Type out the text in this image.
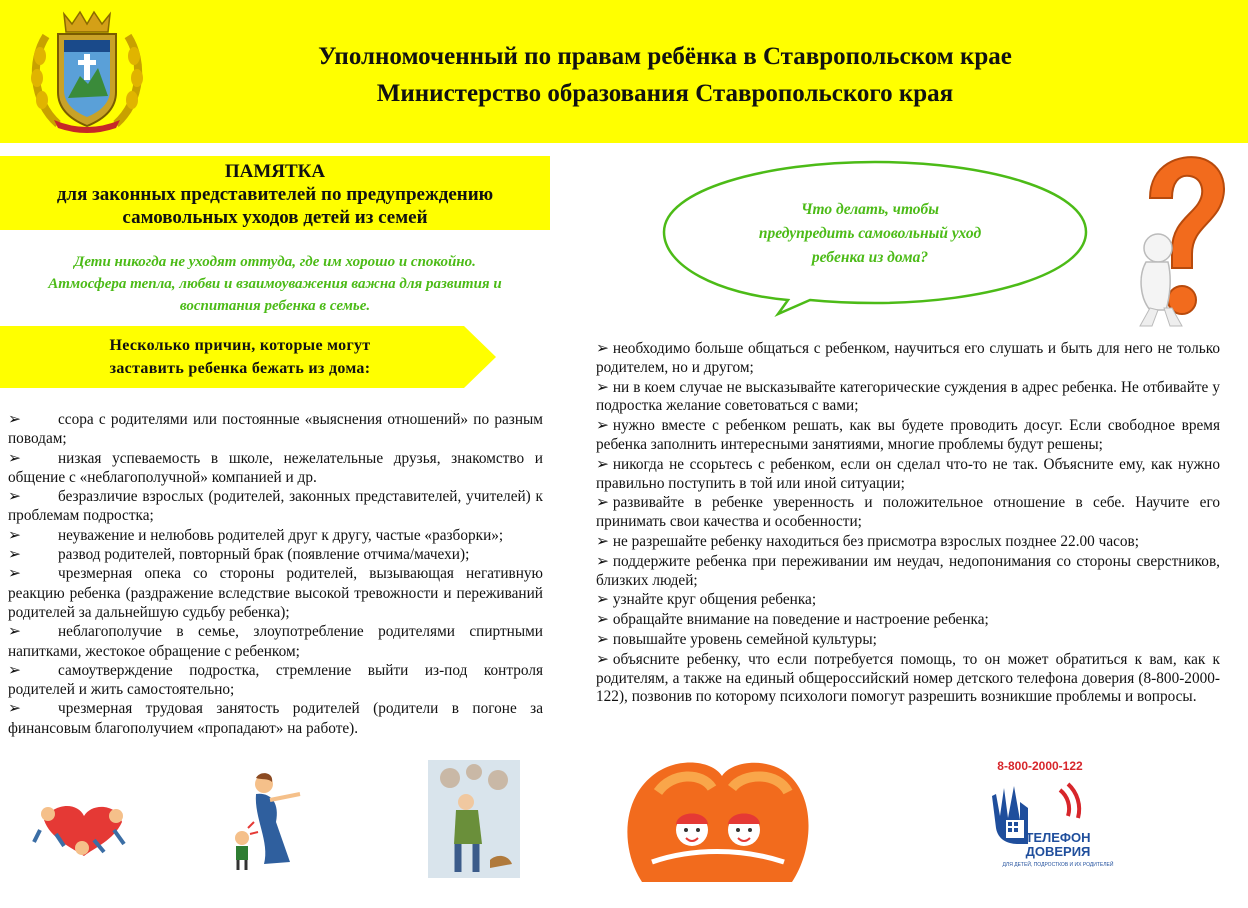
Уполномоченный по правам ребёнка в Ставропольском крае
Министерство образования Ставропольского края
ПАМЯТКА
для законных представителей по предупреждению
самовольных уходов детей из семей
Дети никогда не уходят оттуда, где им хорошо и спокойно.
Атмосфера тепла, любви и взаимоуважения важна для развития и воспитания ребенка в семье.
Несколько причин, которые могут
заставить ребенка бежать из дома:

➢ ссора с родителями или постоянные «выяснения отношений» по разным поводам;

➢ низкая успеваемость в школе, нежелательные друзья, знакомство и общение с «неблагополучной» компанией и др.

➢ безразличие взрослых (родителей, законных представителей, учителей) к проблемам подростка;

➢ неуважение и нелюбовь родителей друг к другу, частые «разборки»;

➢ развод родителей, повторный брак (появление отчима/мачехи);

➢ чрезмерная опека со стороны родителей, вызывающая негативную реакцию ребенка (раздражение вследствие высокой тревожности и переживаний родителей за дальнейшую судьбу ребенка);

➢ неблагополучие в семье, злоупотребление родителями спиртными напитками, жестокое обращение с ребенком;

➢ самоутверждение подростка, стремление выйти из-под контроля родителей и жить самостоятельно;

➢ чрезмерная трудовая занятость родителей (родители в погоне за финансовым благополучием «пропадают» на работе).

Что делать, чтобы
предупредить самовольный уход
ребенка из дома?

➢ необходимо больше общаться с ребенком, научиться его слушать и быть для него не только родителем, но и другом;

➢ ни в коем случае не высказывайте категорические суждения в адрес ребенка. Не отбивайте у подростка желание советоваться с вами;

➢ нужно вместе с ребенком решать, как вы будете проводить досуг. Если свободное время ребенка заполнить интересными занятиями, многие проблемы будут решены;

➢ никогда не ссорьтесь с ребенком, если он сделал что-то не так. Объясните ему, как нужно правильно поступить в той или иной ситуации;

➢ развивайте в ребенке уверенность и положительное отношение в себе. Научите его принимать свои качества и особенности;

➢ не разрешайте ребенку находиться без присмотра взрослых позднее 22.00 часов;

➢ поддержите ребенка при переживании им неудач, недопонимания со стороны сверстников, близких людей;

➢ узнайте круг общения ребенка;

➢ обращайте внимание на поведение и настроение ребенка;

➢ повышайте уровень семейной культуры;

➢ объясните ребенку, что если потребуется помощь, то он может обратиться к вам, как к родителям, а также на единый общероссийский номер детского телефона доверия (8-800-2000-122), позвонив по которому психологи помогут разрешить возникшие проблемы и вопросы.

8-800-2000-122
ТЕЛЕФОН
ДОВЕРИЯ
ДЛЯ ДЕТЕЙ, ПОДРОСТКОВ И ИХ РОДИТЕЛЕЙ
